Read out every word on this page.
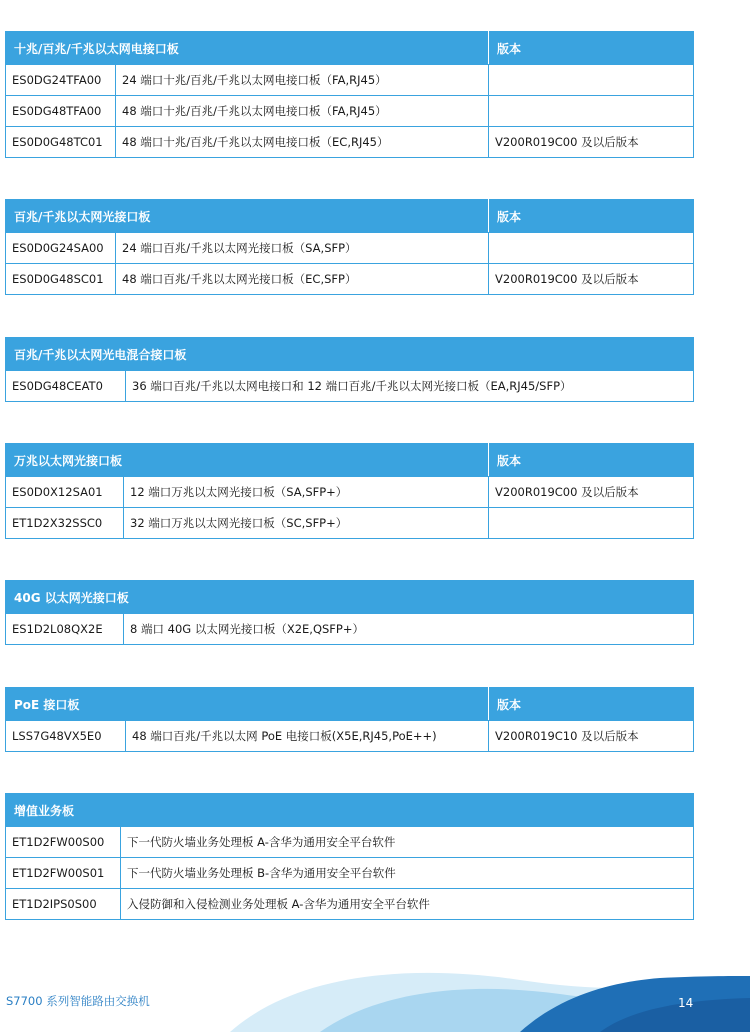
十兆/百兆/千兆以太网电接口板		版本
ES0DG24TFA00	24 端口十兆/百兆/千兆以太网电接口板（FA,RJ45）	
ES0DG48TFA00	48 端口十兆/百兆/千兆以太网电接口板（FA,RJ45）	
ES0D0G48TC01	48 端口十兆/百兆/千兆以太网电接口板（EC,RJ45）	V200R019C00 及以后版本
百兆/千兆以太网光接口板		版本
ES0D0G24SA00	24 端口百兆/千兆以太网光接口板（SA,SFP）	
ES0D0G48SC01	48 端口百兆/千兆以太网光接口板（EC,SFP）	V200R019C00 及以后版本
百兆/千兆以太网光电混合接口板
ES0DG48CEAT0	36 端口百兆/千兆以太网电接口和 12 端口百兆/千兆以太网光接口板（EA,RJ45/SFP）
万兆以太网光接口板		版本
ES0D0X12SA01	12 端口万兆以太网光接口板（SA,SFP+）	V200R019C00 及以后版本
ET1D2X32SSC0	32 端口万兆以太网光接口板（SC,SFP+）	
40G 以太网光接口板
ES1D2L08QX2E	8 端口 40G 以太网光接口板（X2E,QSFP+）
PoE 接口板		版本
LSS7G48VX5E0	48 端口百兆/千兆以太网 PoE 电接口板(X5E,RJ45,PoE++)	V200R019C10 及以后版本
增值业务板	
ET1D2FW00S00	下一代防火墙业务处理板 A-含华为通用安全平台软件
ET1D2FW00S01	下一代防火墙业务处理板 B-含华为通用安全平台软件
ET1D2IPS0S00	入侵防御和入侵检测业务处理板 A-含华为通用安全平台软件
S7700 系列智能路由交换机	14
